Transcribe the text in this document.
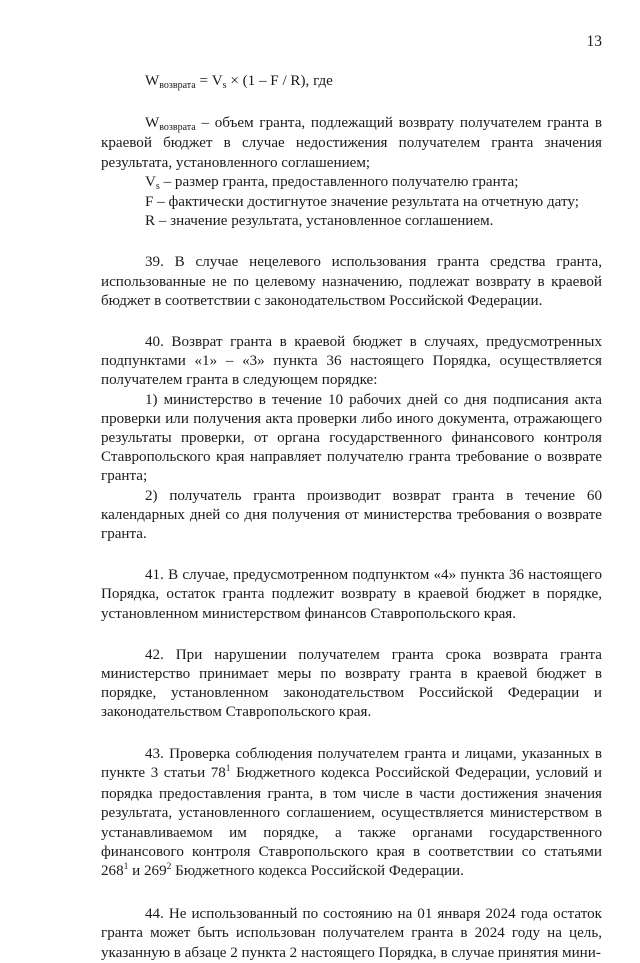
13

Wвозврата = Vs × (1 – F / R), где

Wвозврата – объем гранта, подлежащий возврату получателем гранта в краевой бюджет в случае недостижения получателем гранта значения результата, установленного соглашением;

Vs – размер гранта, предоставленного получателю гранта;

F – фактически достигнутое значение результата на отчетную дату;

R – значение результата, установленное соглашением.

39. В случае нецелевого использования гранта средства гранта, использованные не по целевому назначению, подлежат возврату в краевой бюджет в соответствии с законодательством Российской Федерации.

40. Возврат гранта в краевой бюджет в случаях, предусмотренных подпунктами «1» – «3» пункта 36 настоящего Порядка, осуществляется получателем гранта в следующем порядке:

1) министерство в течение 10 рабочих дней со дня подписания акта проверки или получения акта проверки либо иного документа, отражающего результаты проверки, от органа государственного финансового контроля Ставропольского края направляет получателю гранта требование о возврате гранта;

2) получатель гранта производит возврат гранта в течение 60 календарных дней со дня получения от министерства требования о возврате гранта.

41. В случае, предусмотренном подпунктом «4» пункта 36 настоящего Порядка, остаток гранта подлежит возврату в краевой бюджет в порядке, установленном министерством финансов Ставропольского края.

42. При нарушении получателем гранта срока возврата гранта министерство принимает меры по возврату гранта в краевой бюджет в порядке, установленном законодательством Российской Федерации и законодательством Ставропольского края.

43. Проверка соблюдения получателем гранта и лицами, указанных в пункте 3 статьи $78^1$ Бюджетного кодекса Российской Федерации, условий и порядка предоставления гранта, в том числе в части достижения значения результата, установленного соглашением, осуществляется министерством в устанавливаемом им порядке, а также органами государственного финансового контроля Ставропольского края в соответствии со статьями $268^1$ и $269^2$ Бюджетного кодекса Российской Федерации.

44. Не использованный по состоянию на 01 января 2024 года остаток гранта может быть использован получателем гранта в 2024 году на цель, указанную в абзаце 2 пункта 2 настоящего Порядка, в случае принятия мини-
